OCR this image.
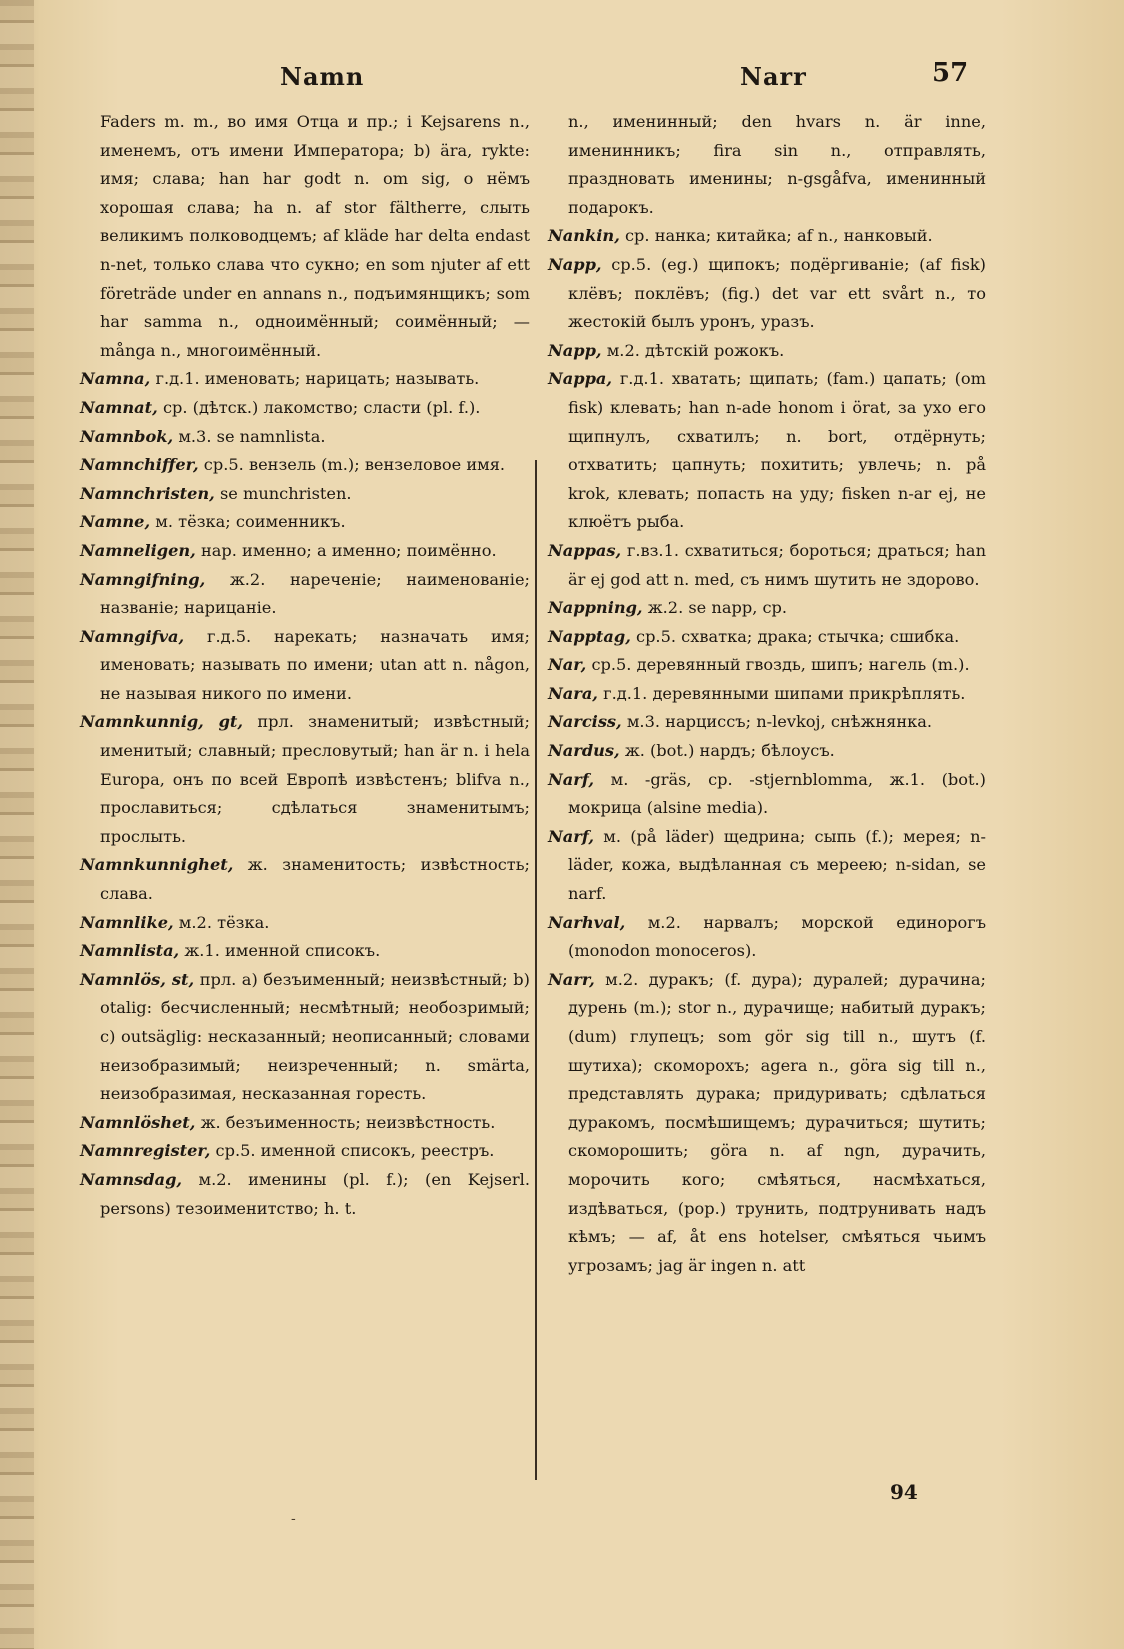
Namn	Narr	57

Faders m. m., во имя Отца и пр.; i Kejsarens n., именемъ, отъ имени Императора; b) ära, rykte: имя; слава; han har godt n. om sig, о нёмъ хорошая слава; ha n. af stor fältherre, слыть великимъ полководцемъ; af kläde har delta endast n-net, только слава что сукно; en som njuter af ett företräde under en annans n., подъимянщикъ; som har samma n., одноимённый; соимённый; — många n., многоимённый.

Namna, г.д.1. именовать; нарицать; называть.

Namnat, ср. (дѣтск.) лакомство; сласти (pl. f.).

Namnbok, м.3. se namnlista.

Namnchiffer, ср.5. вензель (m.); вензеловое имя.

Namnchristen, se munchristen.

Namne, м. тёзка; соименникъ.

Namneligen, нар. именно; а именно; поимённо.

Namngifning, ж.2. нареченіе; наименованіе; названіе; нарицаніе.

Namngifva, г.д.5. нарекать; назначать имя; именовать; называть по имени; utan att n. någon, не называя никого по имени.

Namnkunnig, gt, прл. знаменитый; извѣстный; именитый; славный; пресловутый; han är n. i hela Europa, онъ по всей Европѣ извѣстенъ; blifva n., прославиться; сдѣлаться знаменитымъ; прослыть.

Namnkunnighet, ж. знаменитость; извѣстность; слава.

Namnlike, м.2. тёзка.

Namnlista, ж.1. именной списокъ.

Namnlös, st, прл. a) безъименный; неизвѣстный; b) otalig: бесчисленный; несмѣтный; необозримый; c) outsäglig: несказанный; неописанный; словами неизобразимый; неизреченный; n. smärta, неизобразимая, несказанная горесть.

Namnlöshet, ж. безъименность; неизвѣстность.

Namnregister, ср.5. именной списокъ, реестръ.

Namnsdag, м.2. именины (pl. f.); (en Kejserl. persons) тезоименитство; h. t.

n., именинный; den hvars n. är inne, именинникъ; fira sin n., отправлять, праздновать именины; n-gsgåfva, именинный подарокъ.

Nankin, ср. нанка; китайка; af n., нанковый.

Napp, ср.5. (eg.) щипокъ; подёргиваніе; (af fisk) клёвъ; поклёвъ; (fig.) det var ett svårt n., то жестокій былъ уронъ, уразъ.

Napp, м.2. дѣтскій рожокъ.

Nappa, г.д.1. хватать; щипать; (fam.) цапать; (om fisk) клевать; han n-ade honom i örat, за ухо его щипнулъ, схватилъ; n. bort, отдёрнуть; отхватить; цапнуть; похитить; увлечь; n. på krok, клевать; попасть на уду; fisken n-ar ej, не клюётъ рыба.

Nappas, г.вз.1. схватиться; бороться; драться; han är ej god att n. med, съ нимъ шутить не здорово.

Nappning, ж.2. se napp, ср.

Napptag, ср.5. схватка; драка; стычка; сшибка.

Nar, ср.5. деревянный гвоздь, шипъ; нагель (m.).

Nara, г.д.1. деревянными шипами прикрѣплять.

Narciss, м.3. нарциссъ; n-levkoj, снѣжнянка.

Nardus, ж. (bot.) нардъ; бѣлоусъ.

Narf, м. -gräs, ср. -stjernblomma, ж.1. (bot.) мокрица (alsine media).

Narf, м. (på läder) щедрина; сыпь (f.); мерея; n-läder, кожа, выдѣланная съ мереею; n-sidan, se narf.

Narhval, м.2. нарвалъ; морской единорогъ (monodon monoceros).

Narr, м.2. дуракъ; (f. дура); дуралей; дурачина; дурень (m.); stor n., дурачище; набитый дуракъ; (dum) глупецъ; som gör sig till n., шутъ (f. шутиха); скоморохъ; agera n., göra sig till n., представлять дурака; придуривать; сдѣлаться дуракомъ, посмѣшищемъ; дурачиться; шутить; скоморошить; göra n. af ngn, дурачить, морочить кого; смѣяться, насмѣхаться, издѣваться, (pop.) трунить, подтрунивать надъ кѣмъ; — af, åt ens hotelser, смѣяться чьимъ угрозамъ; jag är ingen n. att

94
-
